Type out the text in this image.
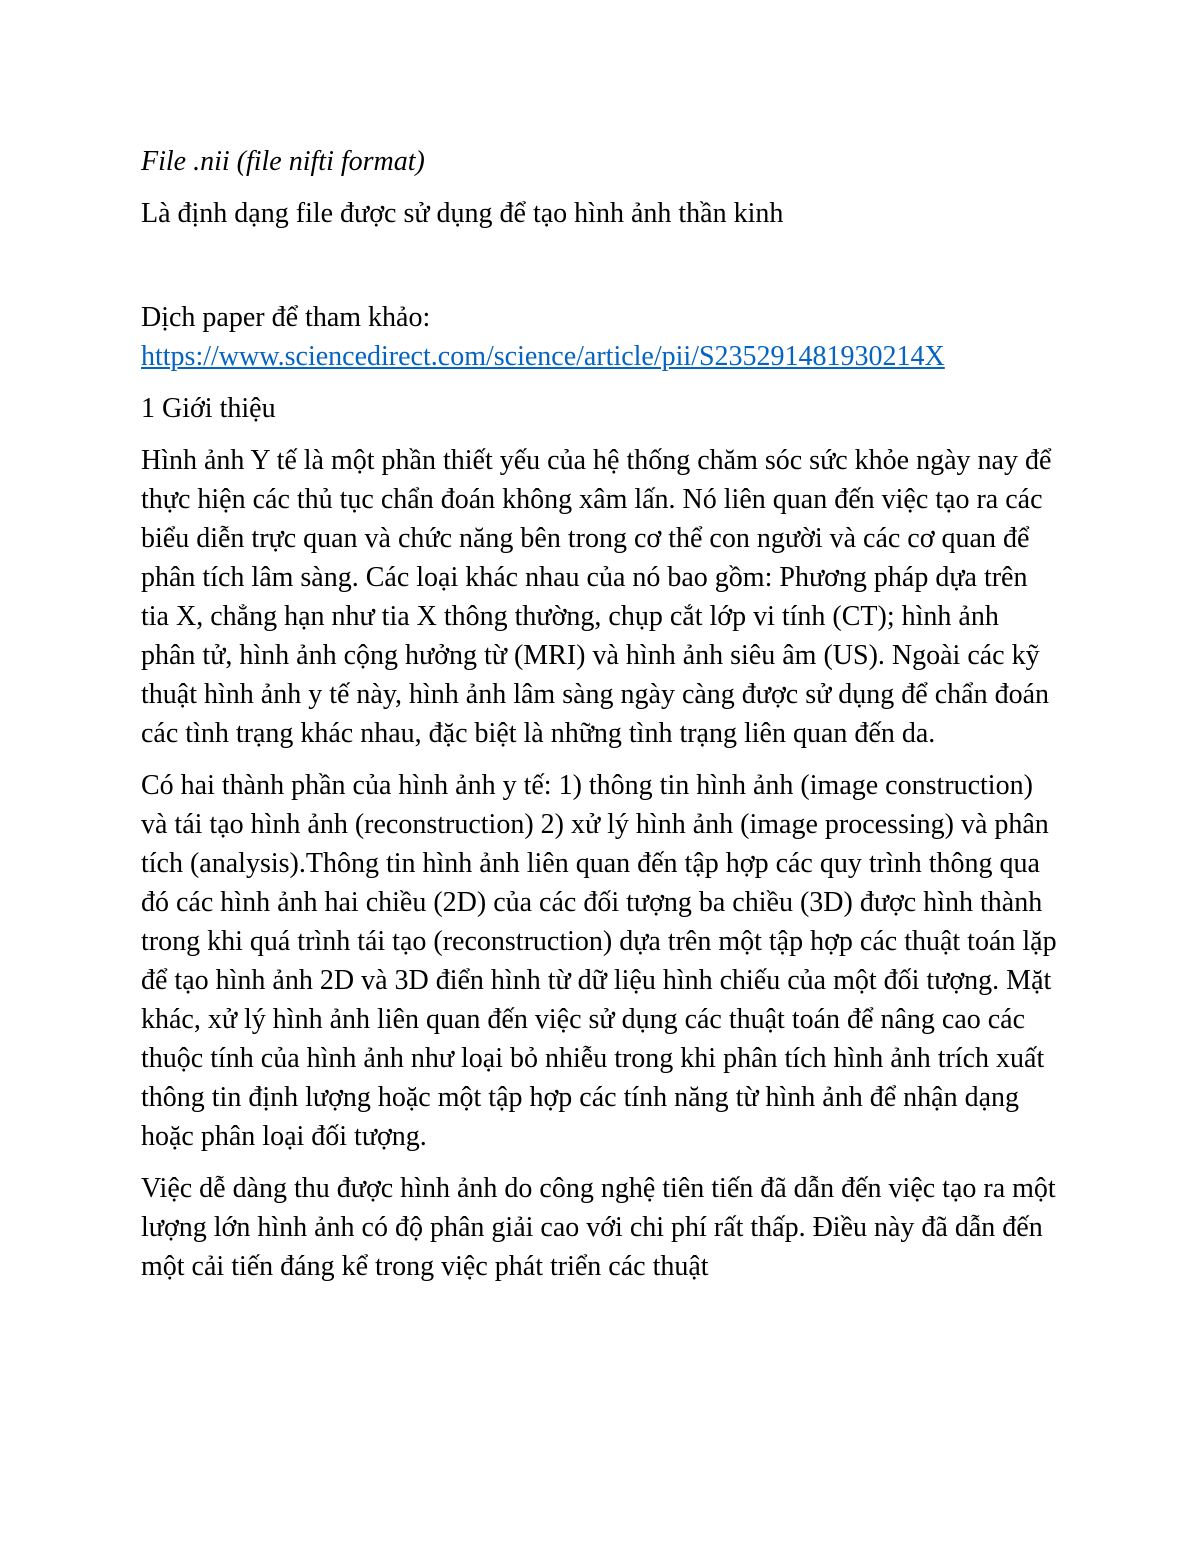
File .nii (file nifti format)

Là định dạng file được sử dụng để tạo hình ảnh thần kinh

Dịch paper để tham khảo:

https://www.sciencedirect.com/science/article/pii/S235291481930214X

1 Giới thiệu

Hình ảnh Y tế là một phần thiết yếu của hệ thống chăm sóc sức khỏe ngày nay để thực hiện các thủ tục chẩn đoán không xâm lấn. Nó liên quan đến việc tạo ra các biểu diễn trực quan và chức năng bên trong cơ thể con người và các cơ quan để phân tích lâm sàng. Các loại khác nhau của nó bao gồm: Phương pháp dựa trên tia X, chẳng hạn như tia X thông thường, chụp cắt lớp vi tính (CT); hình ảnh phân tử, hình ảnh cộng hưởng từ (MRI) và hình ảnh siêu âm (US). Ngoài các kỹ thuật hình ảnh y tế này, hình ảnh lâm sàng ngày càng được sử dụng để chẩn đoán các tình trạng khác nhau, đặc biệt là những tình trạng liên quan đến da.

Có hai thành phần của hình ảnh y tế: 1) thông tin hình ảnh (image construction) và tái tạo hình ảnh (reconstruction) 2) xử lý hình ảnh (image processing) và phân tích (analysis).Thông tin hình ảnh liên quan đến tập hợp các quy trình thông qua đó các hình ảnh hai chiều (2D) của các đối tượng ba chiều (3D) được hình thành trong khi quá trình tái tạo (reconstruction) dựa trên một tập hợp các thuật toán lặp để tạo hình ảnh 2D và 3D điển hình từ dữ liệu hình chiếu của một đối tượng. Mặt khác, xử lý hình ảnh liên quan đến việc sử dụng các thuật toán để nâng cao các thuộc tính của hình ảnh như loại bỏ nhiễu trong khi phân tích hình ảnh trích xuất thông tin định lượng hoặc một tập hợp các tính năng từ hình ảnh để nhận dạng hoặc phân loại đối tượng.

Việc dễ dàng thu được hình ảnh do công nghệ tiên tiến đã dẫn đến việc tạo ra một lượng lớn hình ảnh có độ phân giải cao với chi phí rất thấp. Điều này đã dẫn đến một cải tiến đáng kể trong việc phát triển các thuật
